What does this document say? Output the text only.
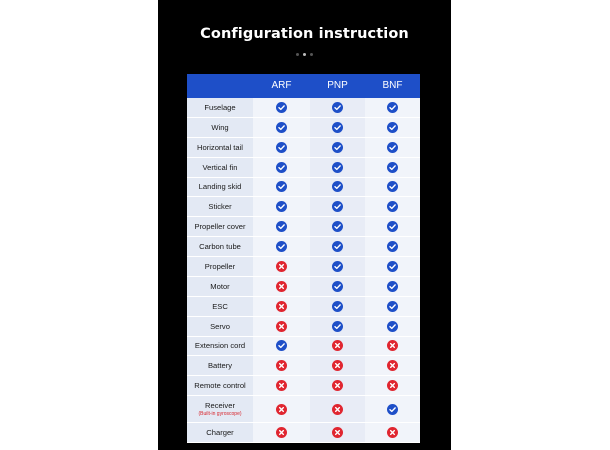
Configuration instruction
ARF	PNP	BNF
Fuselage
Wing
Horizontal tail
Vertical fin
Landing skid
Sticker
Propeller cover
Carbon tube
Propeller
Motor
ESC
Servo
Extension cord
Battery
Remote control
Receiver
(Built-in gyroscope)
Charger
